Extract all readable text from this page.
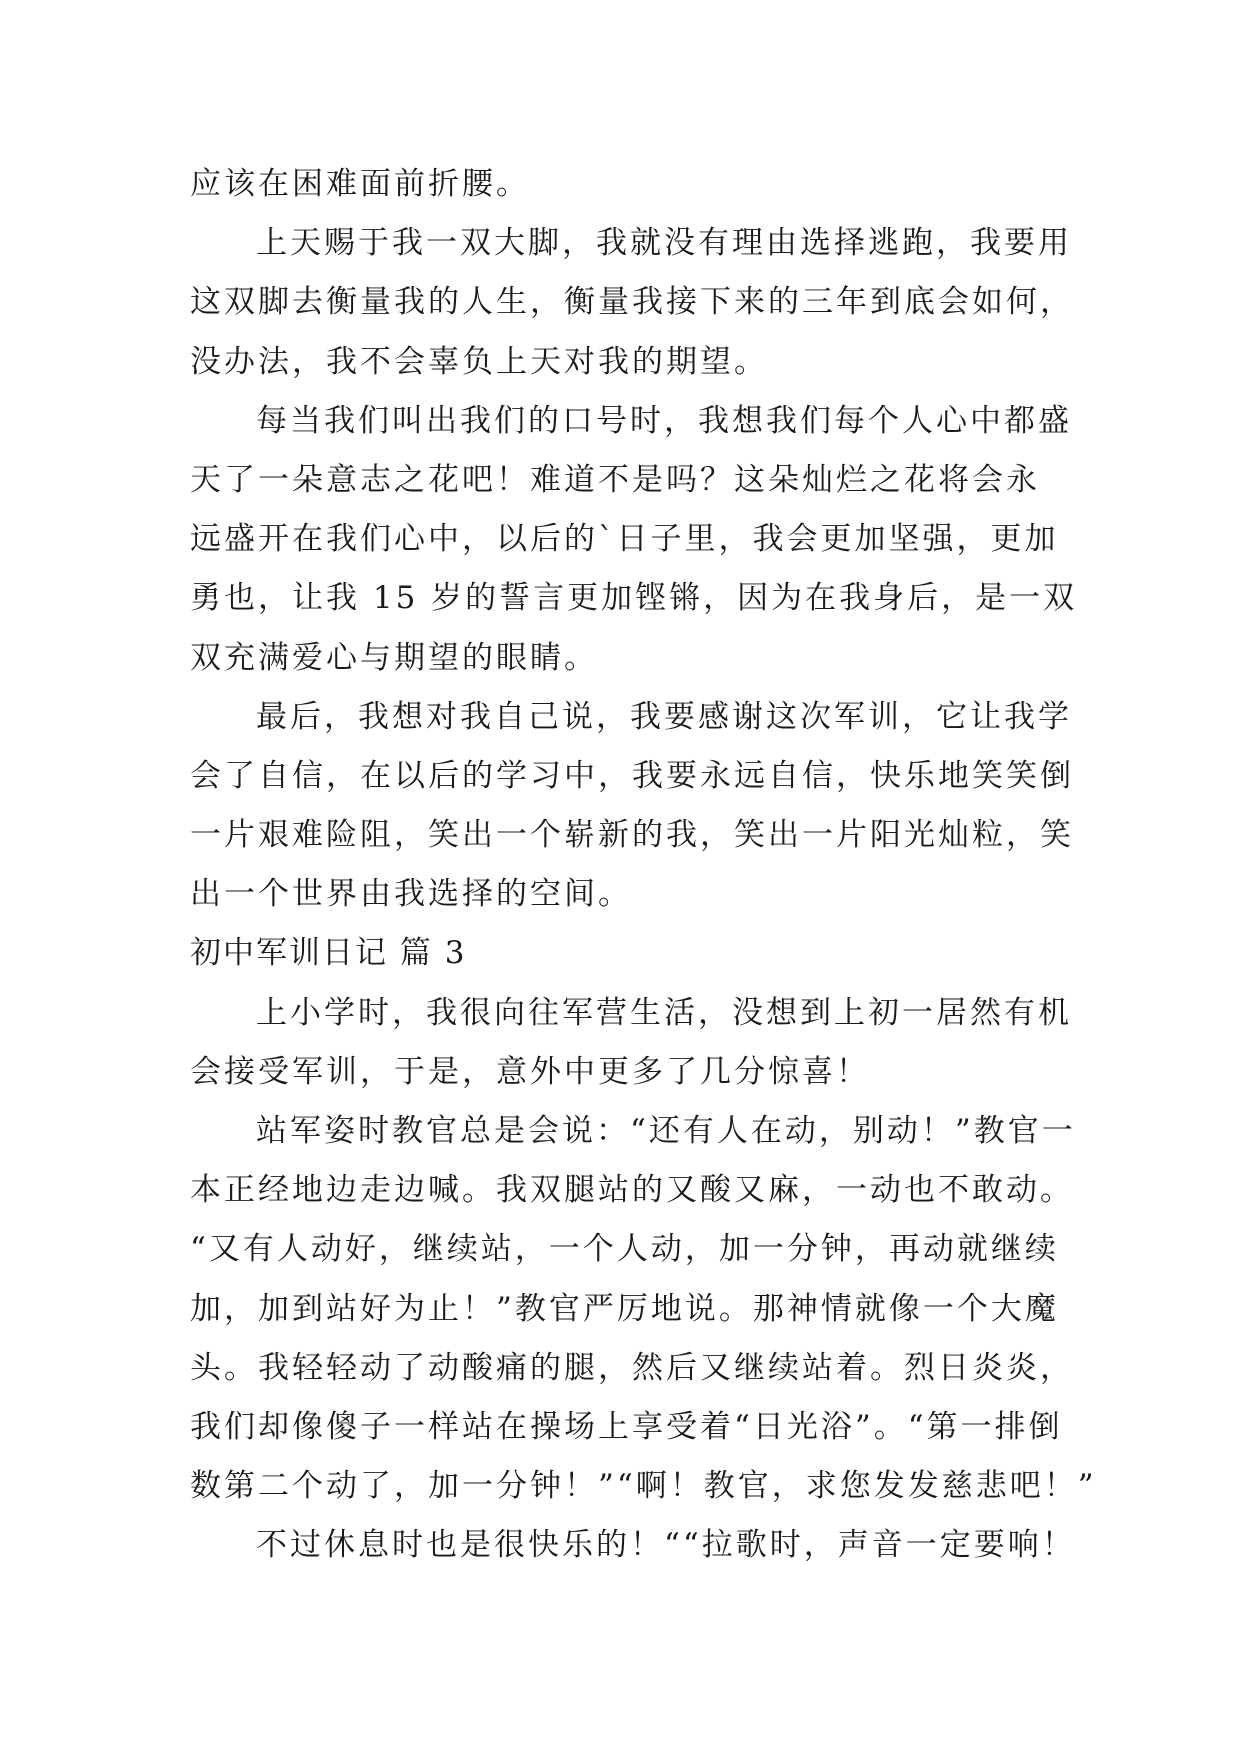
应该在困难面前折腰。
上天赐于我一双大脚，我就没有理由选择逃跑，我要用
这双脚去衡量我的人生，衡量我接下来的三年到底会如何，
没办法，我不会辜负上天对我的期望。
每当我们叫出我们的口号时，我想我们每个人心中都盛
天了一朵意志之花吧！难道不是吗？这朵灿烂之花将会永
远盛开在我们心中，以后的`日子里，我会更加坚强，更加
勇也，让我 15 岁的誓言更加铿锵，因为在我身后，是一双
双充满爱心与期望的眼睛。
最后，我想对我自己说，我要感谢这次军训，它让我学
会了自信，在以后的学习中，我要永远自信，快乐地笑笑倒
一片艰难险阻，笑出一个崭新的我，笑出一片阳光灿粒，笑
出一个世界由我选择的空间。
初中军训日记 篇 3
上小学时，我很向往军营生活，没想到上初一居然有机
会接受军训，于是，意外中更多了几分惊喜！
站军姿时教官总是会说：“还有人在动，别动！”教官一
本正经地边走边喊。我双腿站的又酸又麻，一动也不敢动。
“又有人动好，继续站，一个人动，加一分钟，再动就继续
加，加到站好为止！”教官严厉地说。那神情就像一个大魔
头。我轻轻动了动酸痛的腿，然后又继续站着。烈日炎炎，
我们却像傻子一样站在操场上享受着“日光浴”。“第一排倒
数第二个动了，加一分钟！”“啊！教官，求您发发慈悲吧！”
不过休息时也是很快乐的！““拉歌时，声音一定要响！
